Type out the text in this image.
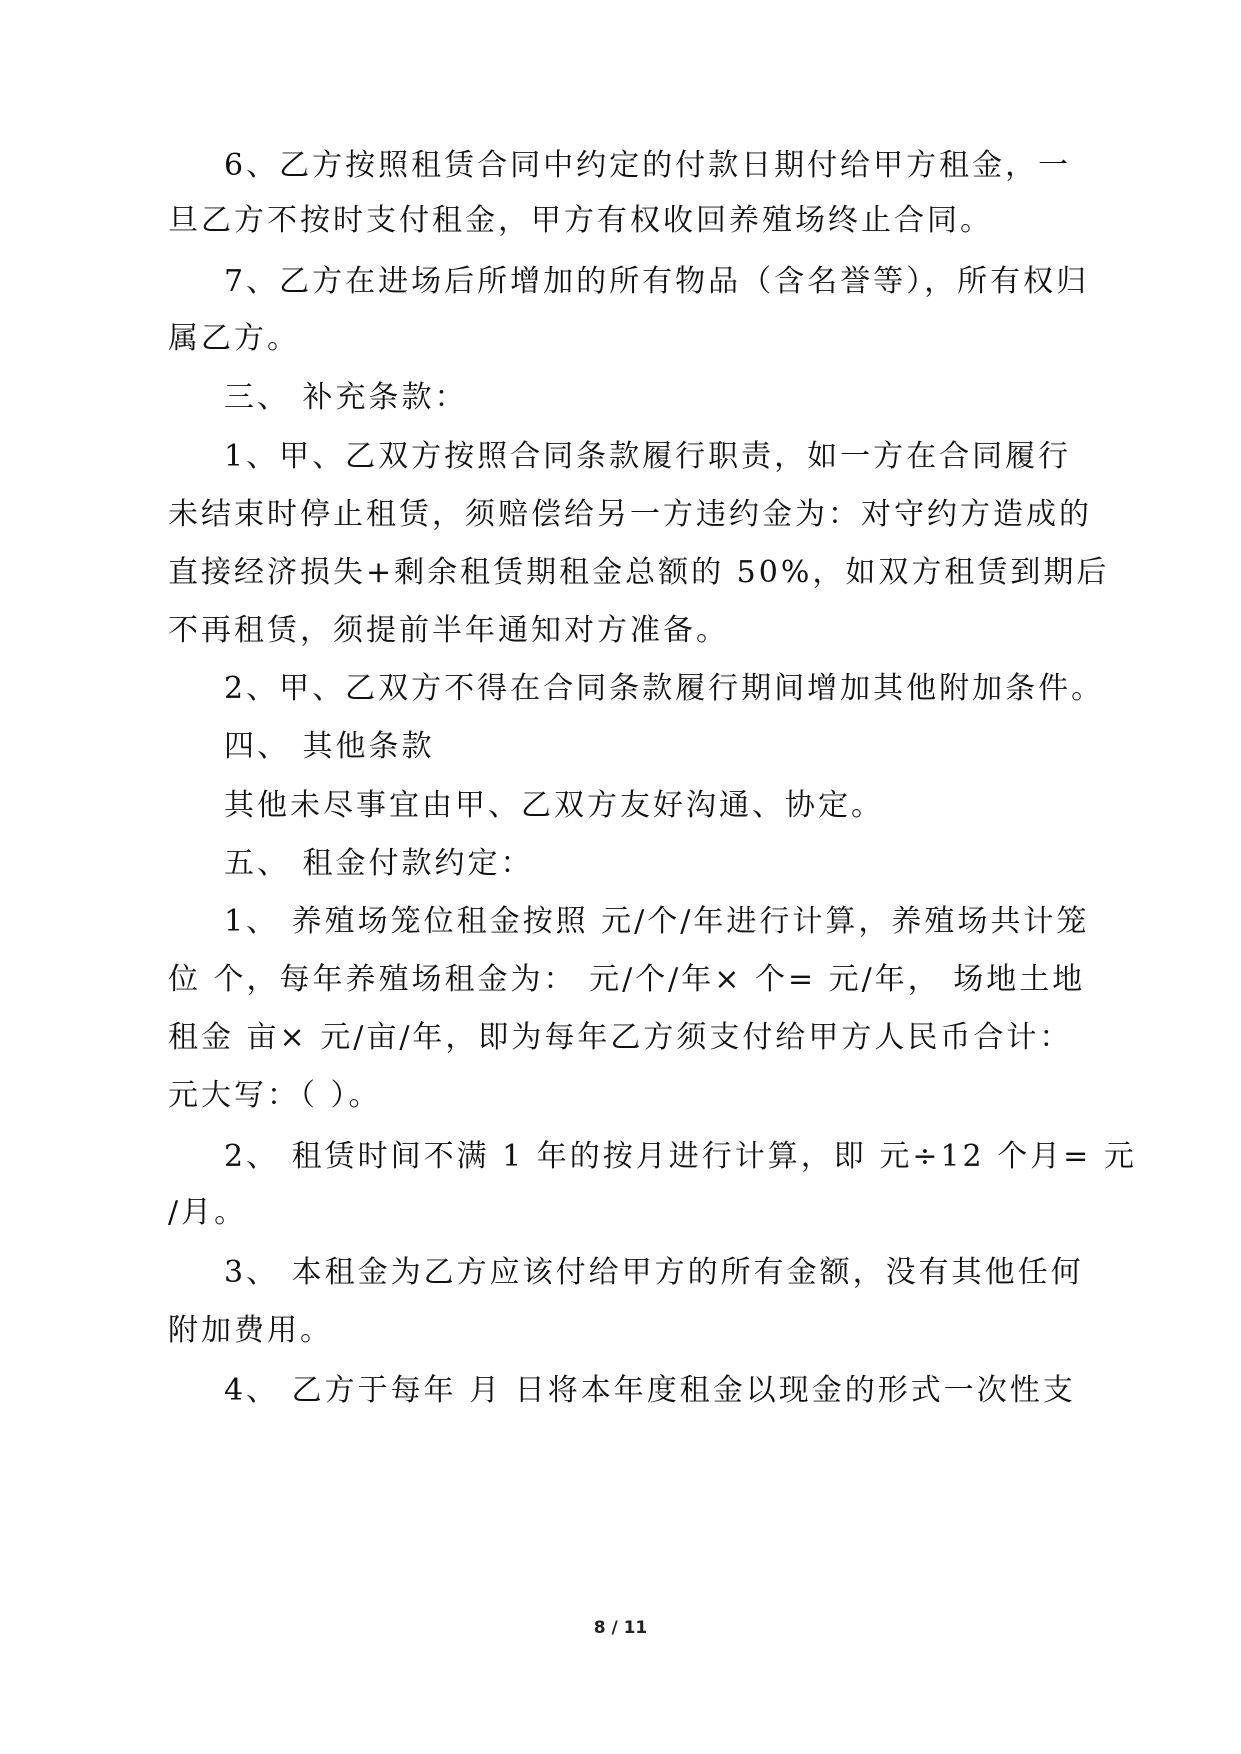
6、乙方按照租赁合同中约定的付款日期付给甲方租金，一
旦乙方不按时支付租金，甲方有权收回养殖场终止合同。
7、乙方在进场后所增加的所有物品（含名誉等），所有权归
属乙方。
三、 补充条款：
1、甲、乙双方按照合同条款履行职责，如一方在合同履行
未结束时停止租赁，须赔偿给另一方违约金为：对守约方造成的
直接经济损失+剩余租赁期租金总额的 50%，如双方租赁到期后
不再租赁，须提前半年通知对方准备。
2、甲、乙双方不得在合同条款履行期间增加其他附加条件。
四、 其他条款
其他未尽事宜由甲、乙双方友好沟通、协定。
五、 租金付款约定：
1、 养殖场笼位租金按照 元/个/年进行计算，养殖场共计笼
位 个，每年养殖场租金为： 元/个/年× 个= 元/年， 场地土地
租金 亩× 元/亩/年，即为每年乙方须支付给甲方人民币合计：
元大写：（ ）。
2、 租赁时间不满 1 年的按月进行计算，即 元÷12 个月= 元
/月。
3、 本租金为乙方应该付给甲方的所有金额，没有其他任何
附加费用。
4、 乙方于每年 月 日将本年度租金以现金的形式一次性支
8 / 11
